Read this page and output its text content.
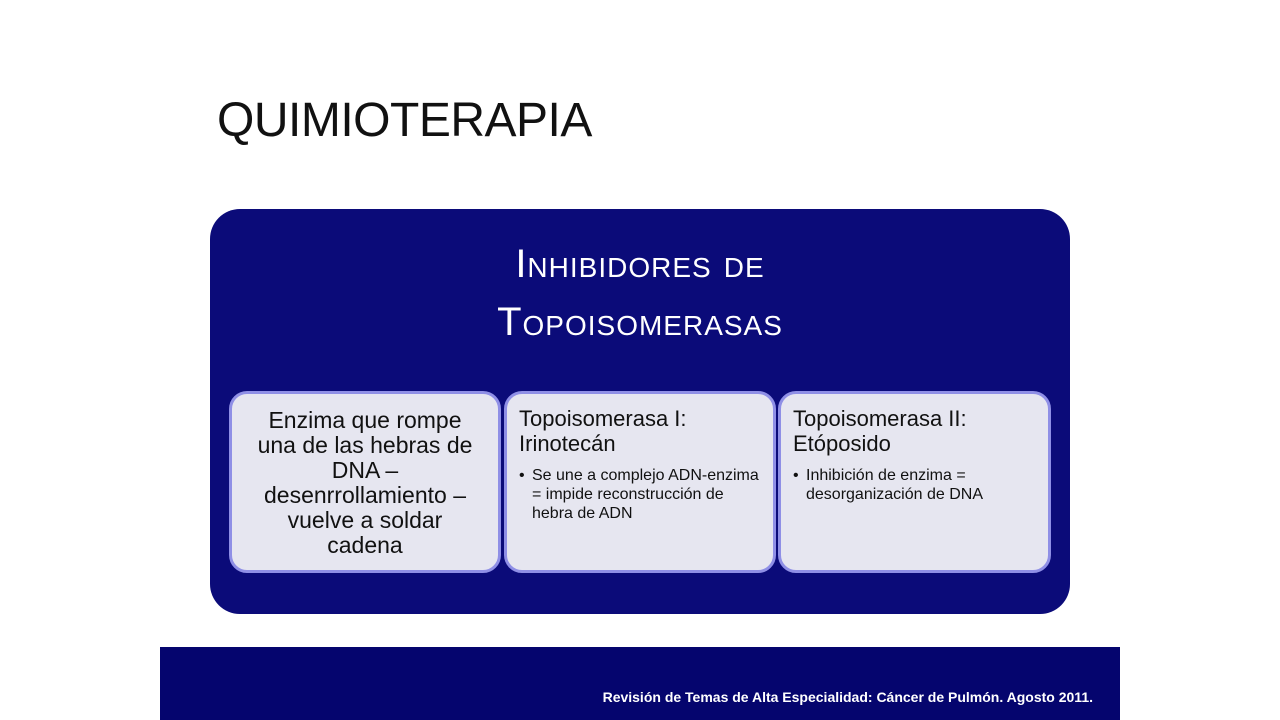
QUIMIOTERAPIA
Inhibidores de
Topoisomerasas
Enzima que rompe
una de las hebras de
DNA –
desenrrollamiento –
vuelve a soldar
cadena
Topoisomerasa I:
Irinotecán
• Se une a complejo ADN-enzima = impide reconstrucción de hebra de ADN
Topoisomerasa II:
Etóposido
• Inhibición de enzima = desorganización de DNA
Revisión de Temas de Alta Especialidad: Cáncer de Pulmón. Agosto 2011.
